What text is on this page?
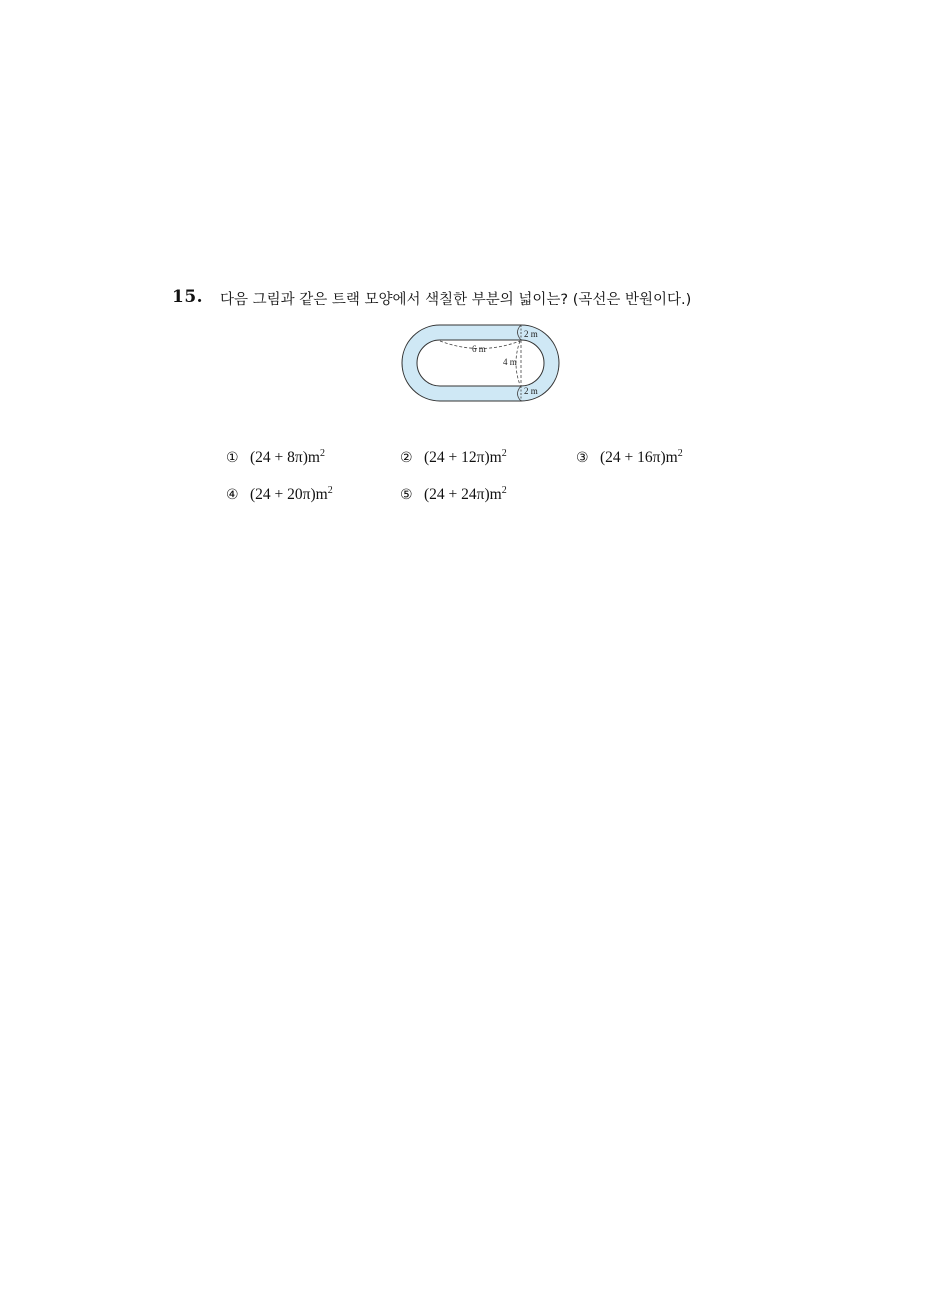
15. 다음 그림과 같은 트랙 모양에서 색칠한 부분의 넓이는? (곡선은 반원이다.)
2 m
6 m
4 m
2 m
① $(24 + 8\pi)m^2$	② $(24 + 12\pi)m^2$	③ $(24 + 16\pi)m^2$
④ $(24 + 20\pi)m^2$	⑤ $(24 + 24\pi)m^2$
